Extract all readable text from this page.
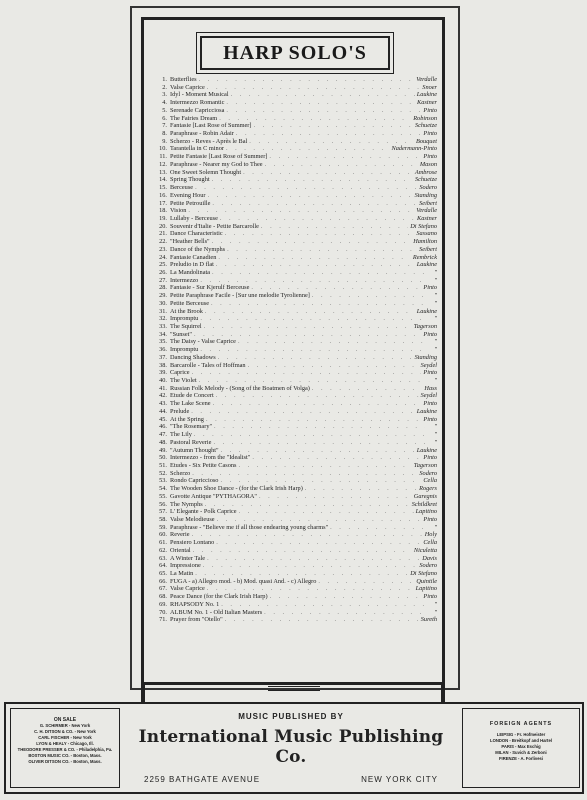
HARP SOLO'S
1. Butterflies . . .	Verdalle
2. Valse Caprice . . .	Snoer
3. Idyl - Moment Musical . . .	Laukine
4. Intermezzo Romantic . . .	Kastner
5. Serenade Capricciosa . . .	Pinto
6. The Fairies Dream . . .	Robinson
7. Fantasie [Last Rose of Summer] . . .	Schuetze
8. Paraphrase - Robin Adair . . .	Pinto
9. Scherzo - Reves - Après le Bal . . .	Bouquet
10. Tarantella in C minor . . .	Nadermann-Pinto
11. Petite Fantasie [Last Rose of Summer] . . .	Pinto
12. Paraphrase - Nearer my God to Thee . . .	Mason
13. One Sweet Solemn Thought . . .	Ambrose
14. Spring Thought . . .	Schuetze
15. Berceuse . . .	Sodero
16. Evening Hour . . .	Standing
17. Petite Petrouille . . .	Seibert
18. Vision . . .	Verdalle
19. Lullaby - Berceuse . . .	Kastner
20. Souvenir d'Italie - Petite Barcarolle . . .	Di Stefano
21. Dance Characteristic . . .	Sassano
22. "Heather Bells" . . .	Hamilton
23. Dance of the Nymphs . . .	Seibert
24. Fantasie Canadien . . .	Rembrick
25. Preludio in D flat . . .	Laukine
26. La Mandolinata . . .	"
27. Intermezzo . . .	"
28. Fantasie - Sur Kjerulf Berceuse . . .	Pinto
29. Petite Paraphrase Facile - [Sur une melodie Tyrolienne] . . .	"
30. Petite Berceuse . . .	"
31. At the Brook . . .	Laukine
32. Impromptu . . .	"
33. The Squirrel . . .	Tagerson
34. "Sunset" . . .	Pinto
35. The Daisy - Valse Caprice . . .	"
36. Impromptu . . .	"
37. Dancing Shadows . . .	Standing
38. Barcarolle - Tales of Hoffman . . .	Seydel
39. Caprice . . .	Pinto
40. The Violet . . .	"
41. Russian Folk Melody - (Song of the Boatmen of Volga) . . .	Hass
42. Etude de Concert . . .	Seydel
43. The Lake Scene . . .	Pinto
44. Prelude . . .	Laukine
45. At the Spring . . .	Pinto
46. "The Rosemary" . . .	"
47. The Lily . . .	"
48. Pastoral Reverie . . .	"
49. "Autumn Thought" . . .	Laukine
50. Intermezzo - from the "Idealist" . . .	Pinto
51. Etudes - Six Petite Casons . . .	Tagerson
52. Scherzo . . .	Sodero
53. Rondo Capriccioso . . .	Cella
54. The Wooden Shoe Dance - (for the Clark Irish Harp) . . .	Rogers
55. Gavotte Antique "PYTHAGORA" . . .	Garegnis
56. The Nymphs . . .	Schildkret
57. L' Elegante - Polk Caprice . . .	Lapitino
58. Valse Melodieuse . . .	Pinto
59. Paraphrase - "Believe me if all those endearing young charms" . . .	"
60. Reverie . . .	Holy
61. Pensiero Lontano . . .	Cella
62. Oriental . . .	Niculetta
63. A Winter Tale . . .	Davis
64. Impressione . . .	Sodero
65. La Matin . . .	Di Stefano
66. FUGA - a) Allegro mod. - b) Mod. quasi And. - c) Allegro . . .	Quintile
67. Valse Caprice . . .	Lapitino
68. Peace Dance (for the Clark Irish Harp) . . .	Pinto
69. RHAPSODY No. 1 . . .	"
70. ALBUM No. 1 - Old Italian Masters . . .	"
71. Prayer from "Otello" . . .	Sureth
ON SALE
G. SCHIRMER - New York
C. H. DITSON & CO. - New York
CARL FISCHER - New York
LYON & HEALY - Chicago, Ill.
THEODORE PRESSER & CO. - Philadelphia, Pa.
BOSTON MUSIC CO. - Boston, Mass.
OLIVER DITSON CO. - Boston, Mass.
MUSIC PUBLISHED BY
International Music Publishing Co.
2259 BATHGATE AVENUE	NEW YORK CITY
FOREIGN AGENTS
LEIPSIG - Fr. Hofmeister
LONDON - Breitkopf and Hartel
PARIS - Max Eschig
MILAN - Suvich & Zerboni
FIRENZE - A. Forlivesi
